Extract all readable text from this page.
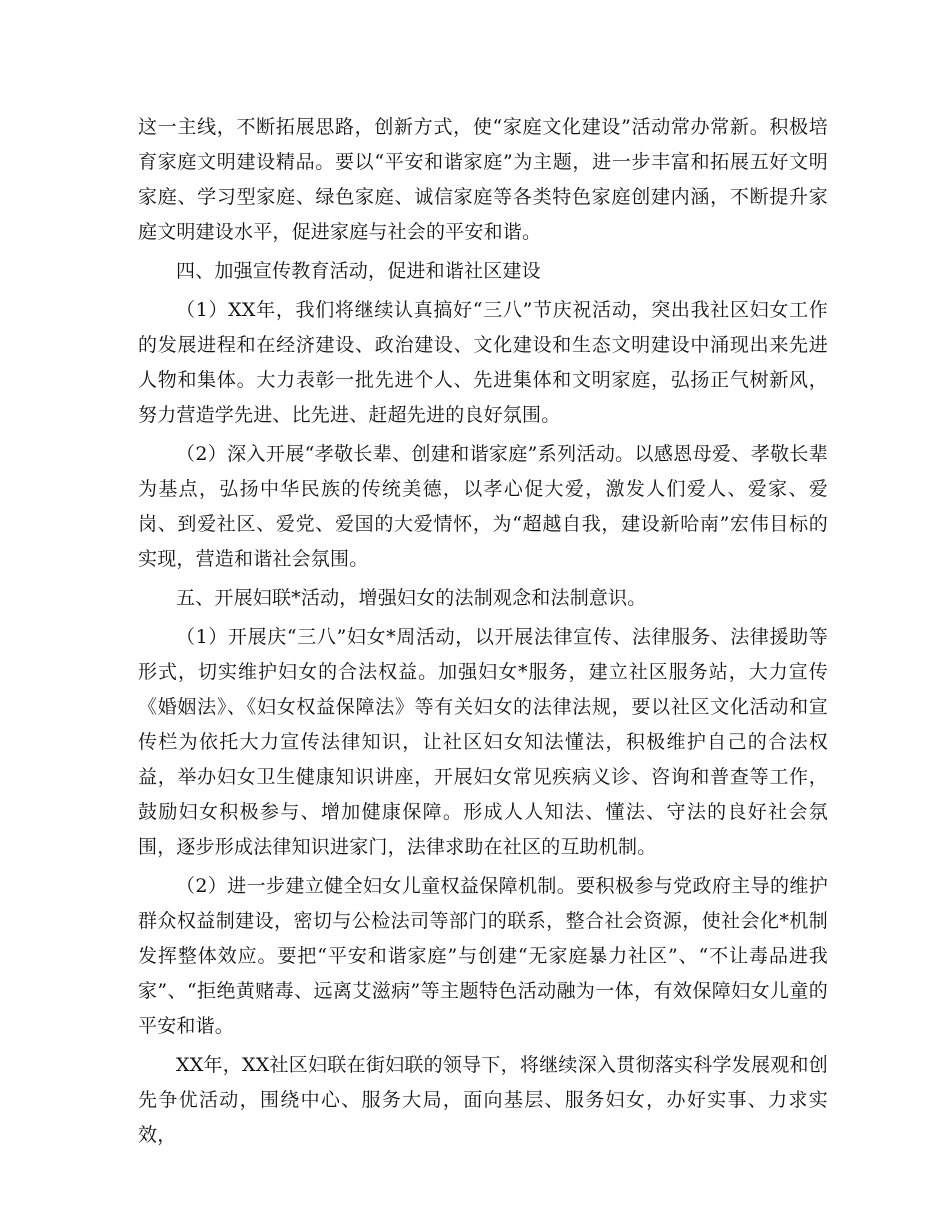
这一主线，不断拓展思路，创新方式，使“家庭文化建设”活动常办常新。积极培育家庭文明建设精品。要以“平安和谐家庭”为主题，进一步丰富和拓展五好文明家庭、学习型家庭、绿色家庭、诚信家庭等各类特色家庭创建内涵，不断提升家庭文明建设水平，促进家庭与社会的平安和谐。

四、加强宣传教育活动，促进和谐社区建设

（1）XX年，我们将继续认真搞好“三八”节庆祝活动，突出我社区妇女工作的发展进程和在经济建设、政治建设、文化建设和生态文明建设中涌现出来先进人物和集体。大力表彰一批先进个人、先进集体和文明家庭，弘扬正气树新风，努力营造学先进、比先进、赶超先进的良好氛围。

（2）深入开展“孝敬长辈、创建和谐家庭”系列活动。以感恩母爱、孝敬长辈为基点，弘扬中华民族的传统美德，以孝心促大爱，激发人们爱人、爱家、爱岗、到爱社区、爱党、爱国的大爱情怀，为“超越自我，建设新哈南”宏伟目标的实现，营造和谐社会氛围。

五、开展妇联*活动，增强妇女的法制观念和法制意识。

（1）开展庆“三八”妇女*周活动，以开展法律宣传、法律服务、法律援助等形式，切实维护妇女的合法权益。加强妇女*服务，建立社区服务站，大力宣传《婚姻法》、《妇女权益保障法》等有关妇女的法律法规，要以社区文化活动和宣传栏为依托大力宣传法律知识，让社区妇女知法懂法，积极维护自己的合法权益，举办妇女卫生健康知识讲座，开展妇女常见疾病义诊、咨询和普查等工作，鼓励妇女积极参与、增加健康保障。形成人人知法、懂法、守法的良好社会氛围，逐步形成法律知识进家门，法律求助在社区的互助机制。

（2）进一步建立健全妇女儿童权益保障机制。要积极参与党政府主导的维护群众权益制建设，密切与公检法司等部门的联系，整合社会资源，使社会化*机制发挥整体效应。要把“平安和谐家庭”与创建“无家庭暴力社区”、“不让毒品进我家”、“拒绝黄赌毒、远离艾滋病”等主题特色活动融为一体，有效保障妇女儿童的平安和谐。

XX年，XX社区妇联在街妇联的领导下，将继续深入贯彻落实科学发展观和创先争优活动，围绕中心、服务大局，面向基层、服务妇女，办好实事、力求实效，
